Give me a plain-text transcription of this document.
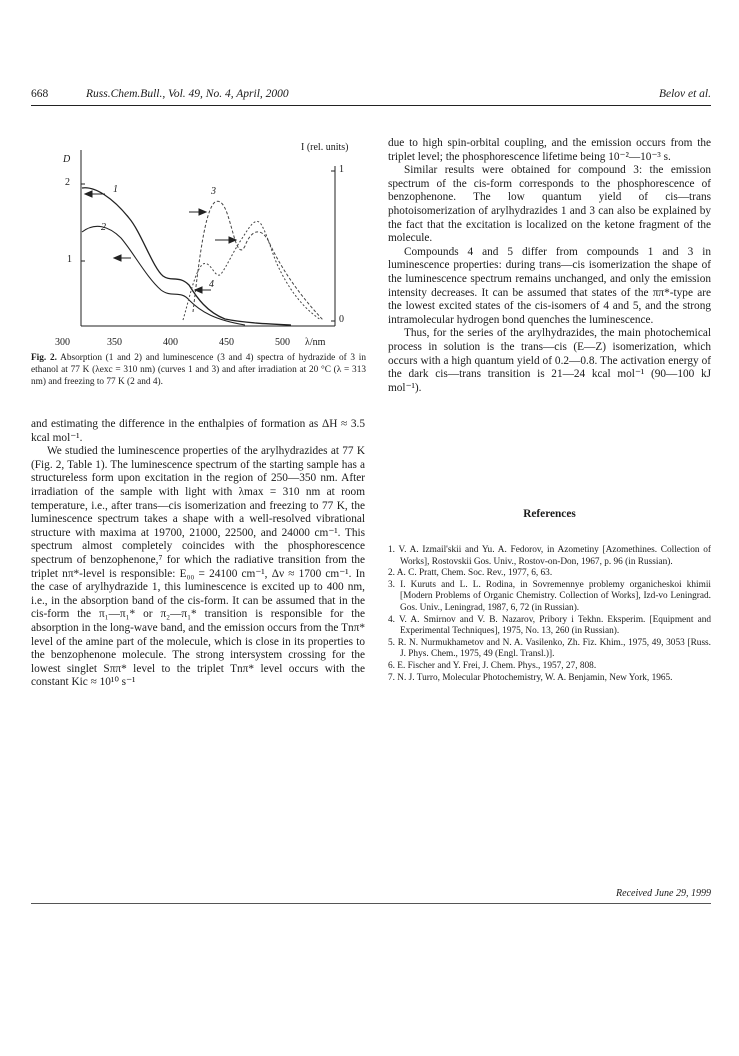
668	Russ.Chem.Bull., Vol. 49, No. 4, April, 2000	Belov et al.
D
2
1
I (rel. units)
1
0
1
2
3
4
300	350	400	450	500 λ/nm
Fig. 2. Absorption (1 and 2) and luminescence (3 and 4) spectra of hydrazide of 3 in ethanol at 77 K (λexc = 310 nm) (curves 1 and 3) and after irradiation at 20 °C (λ = 313 nm) and freezing to 77 K (2 and 4).

and estimating the difference in the enthalpies of formation as ΔH ≈ 3.5 kcal mol⁻¹.

We studied the luminescence properties of the arylhydrazides at 77 K (Fig. 2, Table 1). The luminescence spectrum of the starting sample has a structureless form upon excitation in the region of 250—350 nm. After irradiation of the sample with light with λmax = 310 nm at room temperature, i.e., after trans—cis isomerization and freezing to 77 K, the luminescence spectrum takes a shape with a well-resolved vibrational structure with maxima at 19700, 21000, 22500, and 24000 cm⁻¹. This spectrum almost completely coincides with the phosphorescence spectrum of benzophenone,⁷ for which the radiative transition from the triplet nπ*-level is responsible: E₀₀ = 24100 cm⁻¹, Δν ≈ 1700 cm⁻¹. In the case of arylhydrazide 1, this luminescence is excited up to 400 nm, i.e., in the absorption band of the cis-form. It can be assumed that in the cis-form the π₁—π₁* or π₂—π₁* transition is responsible for the absorption in the long-wave band, and the emission occurs from the Tnπ* level of the amine part of the molecule, which is close in its properties to the benzophenone molecule. The strong intersystem crossing for the lowest singlet Sππ* level to the triplet Tnπ* level occurs with the constant Kic ≈ 10¹⁰ s⁻¹

due to high spin-orbital coupling, and the emission occurs from the triplet level; the phosphorescence lifetime being 10⁻²—10⁻³ s.

Similar results were obtained for compound 3: the emission spectrum of the cis-form corresponds to the phosphorescence of benzophenone. The low quantum yield of cis—trans photoisomerization of arylhydrazides 1 and 3 can also be explained by the fact that the excitation is localized on the ketone fragment of the molecule.

Compounds 4 and 5 differ from compounds 1 and 3 in luminescence properties: during trans—cis isomerization the shape of the luminescence spectrum remains unchanged, and only the emission intensity decreases. It can be assumed that states of the ππ*-type are the lowest excited states of the cis-isomers of 4 and 5, and the strong intramolecular hydrogen bond quenches the luminescence.

Thus, for the series of the arylhydrazides, the main photochemical process in solution is the trans—cis (E—Z) isomerization, which occurs with a high quantum yield of 0.2—0.8. The activation energy of the dark cis—trans transition is 21—24 kcal mol⁻¹ (90—100 kJ mol⁻¹).

References

1. V. A. Izmail'skii and Yu. A. Fedorov, in Azometiny [Azomethines. Collection of Works], Rostovskii Gos. Univ., Rostov-on-Don, 1967, p. 96 (in Russian).

2. A. C. Pratt, Chem. Soc. Rev., 1977, 6, 63.

3. I. Kuruts and L. L. Rodina, in Sovremennye problemy organicheskoi khimii [Modern Problems of Organic Chemistry. Collection of Works], Izd-vo Leningrad. Gos. Univ., Leningrad, 1987, 6, 72 (in Russian).

4. V. A. Smirnov and V. B. Nazarov, Pribory i Tekhn. Eksperim. [Equipment and Experimental Techniques], 1975, No. 13, 260 (in Russian).

5. R. N. Nurmukhametov and N. A. Vasilenko, Zh. Fiz. Khim., 1975, 49, 3053 [Russ. J. Phys. Chem., 1975, 49 (Engl. Transl.)].

6. E. Fischer and Y. Frei, J. Chem. Phys., 1957, 27, 808.

7. N. J. Turro, Molecular Photochemistry, W. A. Benjamin, New York, 1965.

Received June 29, 1999
